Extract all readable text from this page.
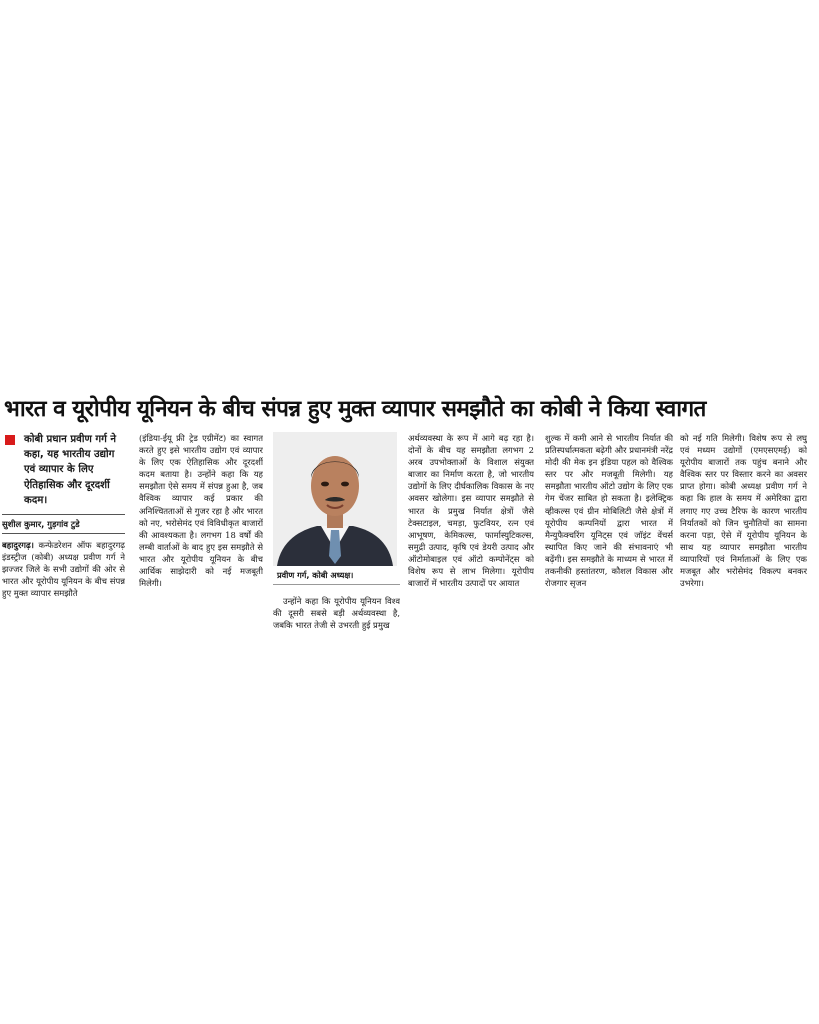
भारत व यूरोपीय यूनियन के बीच संपन्न हुए मुक्त व्यापार समझौते का कोबी ने किया स्वागत
कोबी प्रधान प्रवीण गर्ग ने कहा, यह भारतीय उद्योग एवं व्यापार के लिए ऐतिहासिक और दूरदर्शी कदम।
सुशील कुमार, गुड़गांव टुडे

बहादुरगढ़। कन्फेडरेशन ऑफ बहादुरगढ़ इंडस्ट्रीज (कोबी) अध्यक्ष प्रवीण गर्ग ने झज्जर जिले के सभी उद्योगों की ओर से भारत और यूरोपीय यूनियन के बीच संपन्न हुए मुक्त व्यापार समझौते

(इंडिया-ईयू फ्री ट्रेड एग्रीमेंट) का स्वागत करते हुए इसे भारतीय उद्योग एवं व्यापार के लिए एक ऐतिहासिक और दूरदर्शी कदम बताया है। उन्होंने कहा कि यह समझौता ऐसे समय में संपन्न हुआ है, जब वैश्विक व्यापार कई प्रकार की अनिश्चितताओं से गुजर रहा है और भारत को नए, भरोसेमंद एवं विविधीकृत बाजारों की आवश्यकता है। लगभग 18 वर्षों की लम्बी वार्ताओं के बाद हुए इस समझौते से भारत और यूरोपीय यूनियन के बीच आर्थिक साझेदारी को नई मजबूती मिलेगी।

प्रवीण गर्ग, कोबी अध्यक्ष।

उन्होंने कहा कि यूरोपीय यूनियन विश्व की दूसरी सबसे बड़ी अर्थव्यवस्था है, जबकि भारत तेजी से उभरती हुई प्रमुख

अर्थव्यवस्था के रूप में आगे बढ़ रहा है। दोनों के बीच यह समझौता लगभग 2 अरब उपभोक्ताओं के विशाल संयुक्त बाजार का निर्माण करता है, जो भारतीय उद्योगों के लिए दीर्घकालिक विकास के नए अवसर खोलेगा। इस व्यापार समझौते से भारत के प्रमुख निर्यात क्षेत्रों जैसे टेक्सटाइल, चमड़ा, फुटवियर, रत्न एवं आभूषण, केमिकल्स, फार्मास्युटिकल्स, समुद्री उत्पाद, कृषि एवं डेयरी उत्पाद और ऑटोमोबाइल एवं ऑटो कम्पोनेंट्स को विशेष रूप से लाभ मिलेगा। यूरोपीय बाजारों में भारतीय उत्पादों पर आयात

शुल्क में कमी आने से भारतीय निर्यात की प्रतिस्पर्धात्मकता बढ़ेगी और प्रधानमंत्री नरेंद्र मोदी की मेक इन इंडिया पहल को वैश्विक स्तर पर और मजबूती मिलेगी। यह समझौता भारतीय ऑटो उद्योग के लिए एक गेम चेंजर साबित हो सकता है। इलेक्ट्रिक व्हीकल्स एवं ग्रीन मोबिलिटी जैसे क्षेत्रों में यूरोपीय कम्पनियों द्वारा भारत में मैन्युफैक्चरिंग यूनिट्स एवं जॉइंट वेंचर्स स्थापित किए जाने की संभावनाएं भी बढ़ेंगी। इस समझौते के माध्यम से भारत में तकनीकी हस्तांतरण, कौशल विकास और रोजगार सृजन

को नई गति मिलेगी। विशेष रूप से लघु एवं मध्यम उद्योगों (एमएसएमई) को यूरोपीय बाजारों तक पहुंच बनाने और वैश्विक स्तर पर विस्तार करने का अवसर प्राप्त होगा। कोबी अध्यक्ष प्रवीण गर्ग ने कहा कि हाल के समय में अमेरिका द्वारा लगाए गए उच्च टैरिफ के कारण भारतीय निर्यातकों को जिन चुनौतियों का सामना करना पड़ा, ऐसे में यूरोपीय यूनियन के साथ यह व्यापार समझौता भारतीय व्यापारियों एवं निर्माताओं के लिए एक मजबूत और भरोसेमंद विकल्प बनकर उभरेगा।
